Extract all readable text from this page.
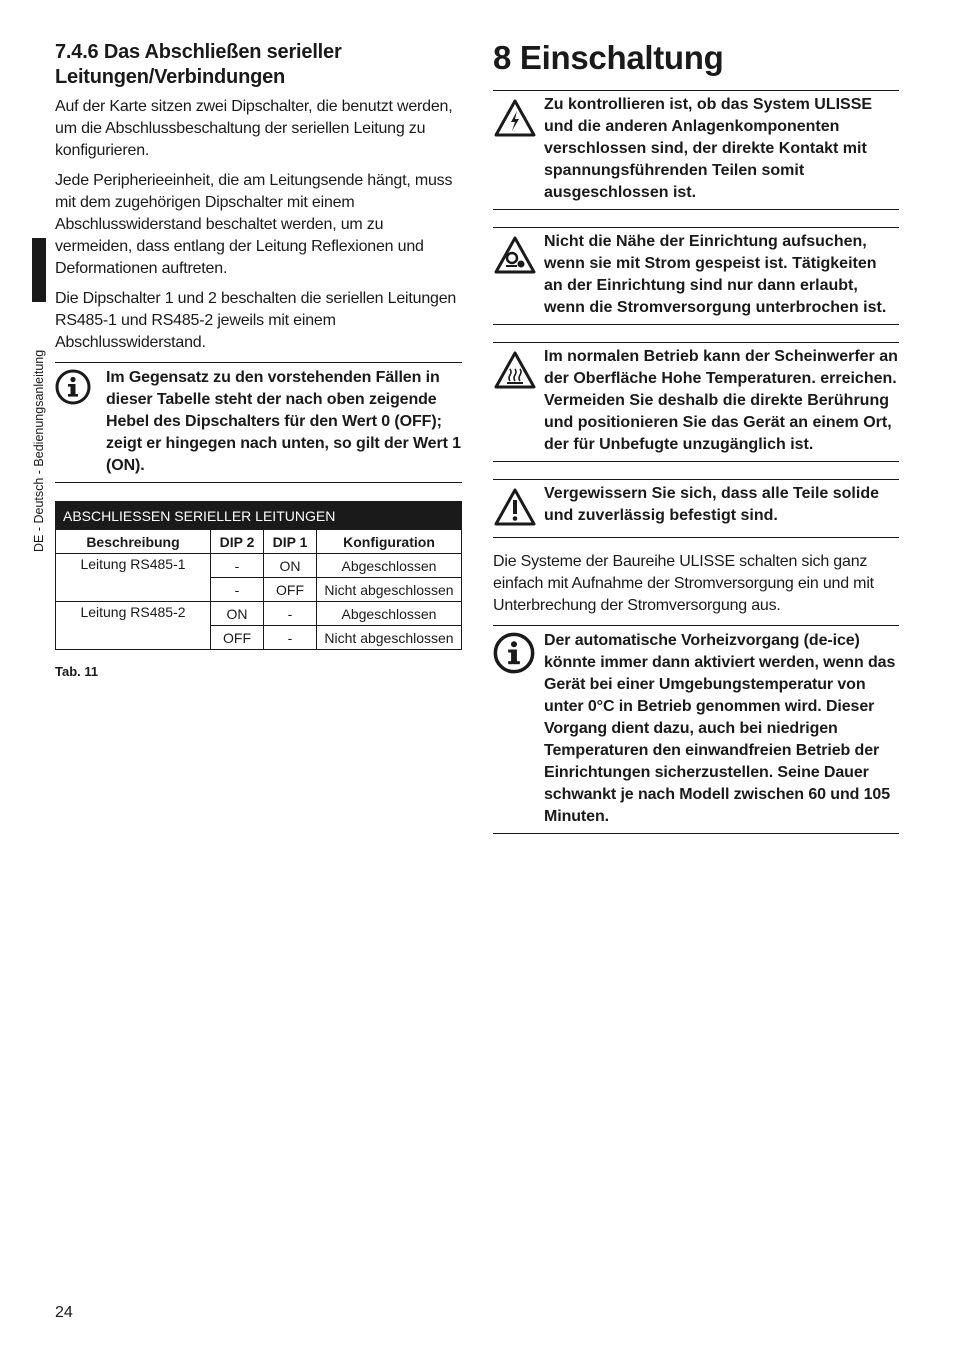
DE - Deutsch - Bedienungsanleitung
7.4.6 Das Abschließen serieller Leitungen/Verbindungen

Auf der Karte sitzen zwei Dipschalter, die benutzt werden, um die Abschlussbeschaltung der seriellen Leitung zu konfigurieren.

Jede Peripherieeinheit, die am Leitungsende hängt, muss mit dem zugehörigen Dipschalter mit einem Abschlusswiderstand beschaltet werden, um zu vermeiden, dass entlang der Leitung Reflexionen und Deformationen auftreten.

Die Dipschalter 1 und 2 beschalten die seriellen Leitungen RS485-1 und RS485-2 jeweils mit einem Abschlusswiderstand.

Im Gegensatz zu den vorstehenden Fällen in dieser Tabelle steht der nach oben zeigende Hebel des Dipschalters für den Wert 0 (OFF); zeigt er hingegen nach unten, so gilt der Wert 1 (ON).
ABSCHLIESSEN SERIELLER LEITUNGEN			
Beschreibung	DIP 2	DIP 1	Konfiguration
Leitung RS485-1	-	ON	Abgeschlossen
	-	OFF	Nicht abgeschlossen
Leitung RS485-2	ON	-	Abgeschlossen
	OFF	-	Nicht abgeschlossen
Tab. 11
8 Einschaltung
Zu kontrollieren ist, ob das System ULISSE und die anderen Anlagenkomponenten verschlossen sind, der direkte Kontakt mit spannungsführenden Teilen somit ausgeschlossen ist.
Nicht die Nähe der Einrichtung aufsuchen, wenn sie mit Strom gespeist ist. Tätigkeiten an der Einrichtung sind nur dann erlaubt, wenn die Stromversorgung unterbrochen ist.
Im normalen Betrieb kann der Scheinwerfer an der Oberfläche Hohe Temperaturen. erreichen. Vermeiden Sie deshalb die direkte Berührung und positionieren Sie das Gerät an einem Ort, der für Unbefugte unzugänglich ist.
Vergewissern Sie sich, dass alle Teile solide und zuverlässig befestigt sind.

Die Systeme der Baureihe ULISSE schalten sich ganz einfach mit Aufnahme der Stromversorgung ein und mit Unterbrechung der Stromversorgung aus.

Der automatische Vorheizvorgang (de-ice) könnte immer dann aktiviert werden, wenn das Gerät bei einer Umgebungstemperatur von unter 0°C in Betrieb genommen wird. Dieser Vorgang dient dazu, auch bei niedrigen Temperaturen den einwandfreien Betrieb der Einrichtungen sicherzustellen. Seine Dauer schwankt je nach Modell zwischen 60 und 105 Minuten.
24
